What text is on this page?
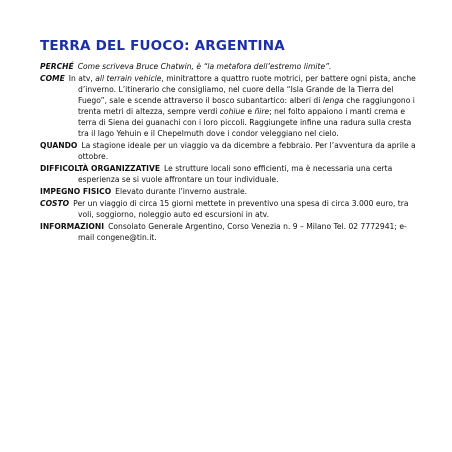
TERRA DEL FUOCO: ARGENTINA

PERCHÉ Come scriveva Bruce Chatwin, è “la metafora dell’estremo limite”.

COME In atv, all terrain vehicle, minitrattore a quattro ruote motrici, per battere ogni pista, anche d’inverno. L’itinerario che consigliamo, nel cuore della “Isla Grande de la Tierra del Fuego”, sale e scende attraverso il bosco subantartico: alberi di lenga che raggiungono i trenta metri di altezza, sempre verdi cohiue e ñire; nel folto appaiono i manti crema e terra di Siena dei guanachi con i loro piccoli. Raggiungete infine una radura sulla cresta tra il lago Yehuin e il Chepelmuth dove i condor veleggiano nel cielo.

QUANDO La stagione ideale per un viaggio va da dicembre a febbraio. Per l’avventura da aprile a ottobre.

DIFFICOLTÀ ORGANIZZATIVE Le strutture locali sono efficienti, ma è necessaria una certa esperienza se si vuole affrontare un tour individuale.

IMPEGNO FISICO Elevato durante l’inverno australe.

COSTO Per un viaggio di circa 15 giorni mettete in preventivo una spesa di circa 3.000 euro, tra voli, soggiorno, noleggio auto ed escursioni in atv.

INFORMAZIONI Consolato Generale Argentino, Corso Venezia n. 9 – Milano Tel. 02 7772941; e-mail congene@tin.it.
